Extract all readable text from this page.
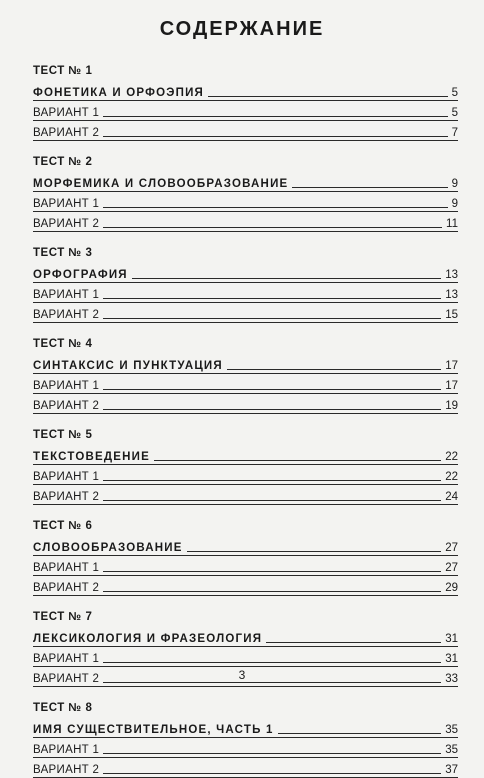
СОДЕРЖАНИЕ
ТЕСТ № 1
ФОНЕТИКА И ОРФОЭПИЯ	5
ВАРИАНТ 1	5
ВАРИАНТ 2	7
ТЕСТ № 2
МОРФЕМИКА И СЛОВООБРАЗОВАНИЕ	9
ВАРИАНТ 1	9
ВАРИАНТ 2	11
ТЕСТ № 3
ОРФОГРАФИЯ	13
ВАРИАНТ 1	13
ВАРИАНТ 2	15
ТЕСТ № 4
СИНТАКСИС И ПУНКТУАЦИЯ	17
ВАРИАНТ 1	17
ВАРИАНТ 2	19
ТЕСТ № 5
ТЕКСТОВЕДЕНИЕ	22
ВАРИАНТ 1	22
ВАРИАНТ 2	24
ТЕСТ № 6
СЛОВООБРАЗОВАНИЕ	27
ВАРИАНТ 1	27
ВАРИАНТ 2	29
ТЕСТ № 7
ЛЕКСИКОЛОГИЯ И ФРАЗЕОЛОГИЯ	31
ВАРИАНТ 1	31
ВАРИАНТ 2	33
ТЕСТ № 8
ИМЯ СУЩЕСТВИТЕЛЬНОЕ, ЧАСТЬ 1	35
ВАРИАНТ 1	35
ВАРИАНТ 2	37
3
